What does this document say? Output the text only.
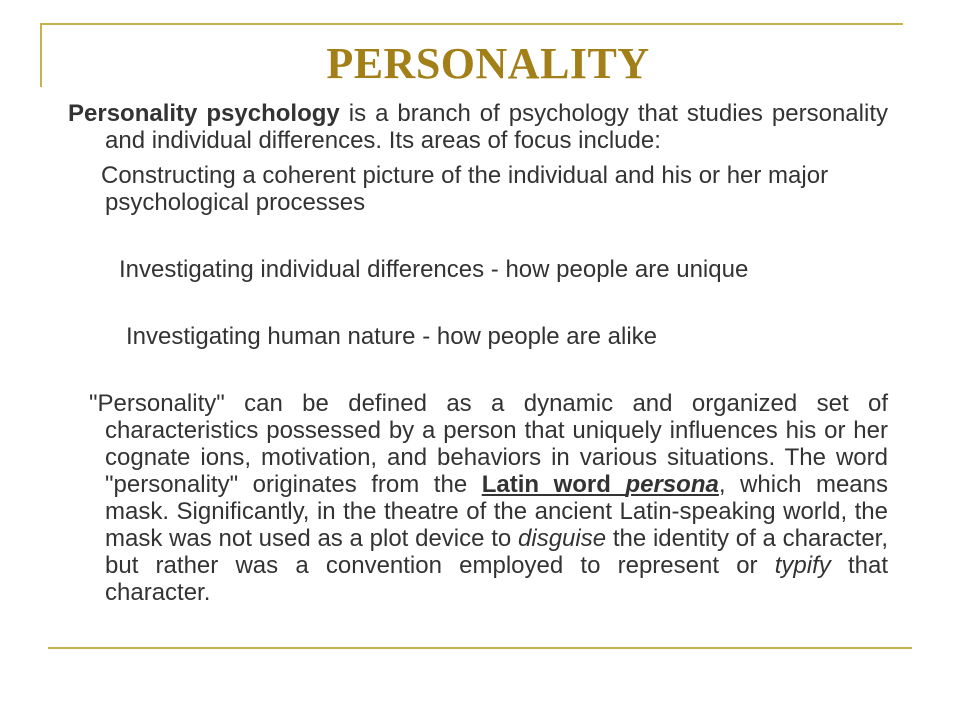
PERSONALITY

Personality psychology is a branch of psychology that studies personality and individual differences. Its areas of focus include:

Constructing a coherent picture of the individual and his or her major psychological processes

Investigating individual differences - how people are unique

Investigating human nature - how people are alike

"Personality" can be defined as a dynamic and organized set of characteristics possessed by a person that uniquely influences his or her cognate ions, motivation, and behaviors in various situations. The word "personality" originates from the Latin word persona, which means mask. Significantly, in the theatre of the ancient Latin-speaking world, the mask was not used as a plot device to disguise the identity of a character, but rather was a convention employed to represent or typify that character.
